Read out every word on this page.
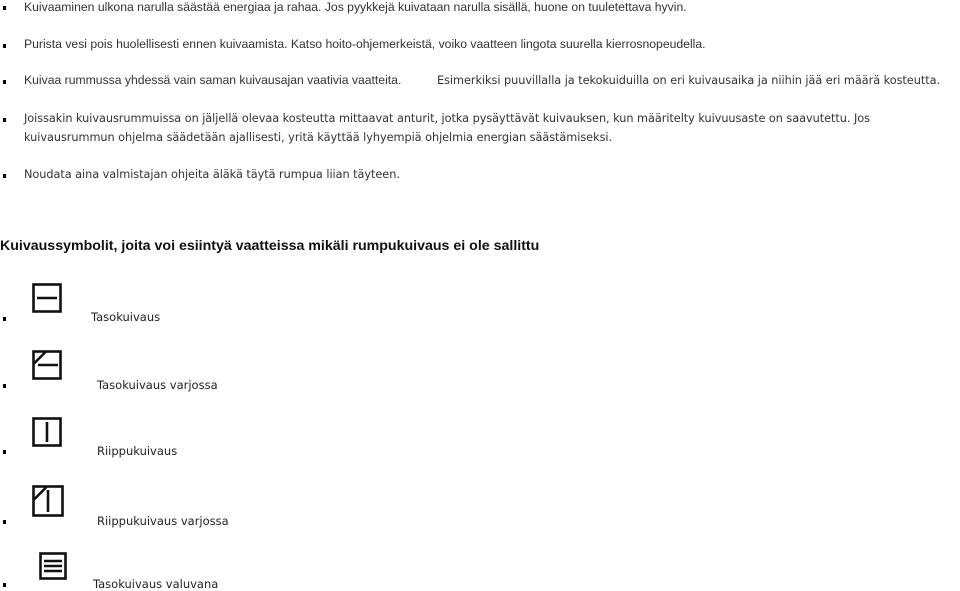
Kuivaaminen ulkona narulla säästää energiaa ja rahaa. Jos pyykkejä kuivataan narulla sisällä, huone on tuuletettava hyvin.
Purista vesi pois huolellisesti ennen kuivaamista. Katso hoito-ohjemerkeistä, voiko vaatteen lingota suurella kierrosnopeudella.
Kuivaa rummussa yhdessä vain saman kuivausajan vaativia vaatteita.	Esimerkiksi puuvillalla ja tekokuiduilla on eri kuivausaika ja niihin jää eri määrä kosteutta.
Joissakin kuivausrummuissa on jäljellä olevaa kosteutta mittaavat anturit, jotka pysäyttävät kuivauksen, kun määritelty kuivuusaste on saavutettu. Jos
kuivausrummun ohjelma säädetään ajallisesti, yritä käyttää lyhyempiä ohjelmia energian säästämiseksi.
Noudata aina valmistajan ohjeita äläkä täytä rumpua liian täyteen.
Kuivaussymbolit, joita voi esiintyä vaatteissa mikäli rumpukuivaus ei ole sallittu
Tasokuivaus
Tasokuivaus varjossa
Riippukuivaus
Riippukuivaus varjossa
Tasokuivaus valuvana
